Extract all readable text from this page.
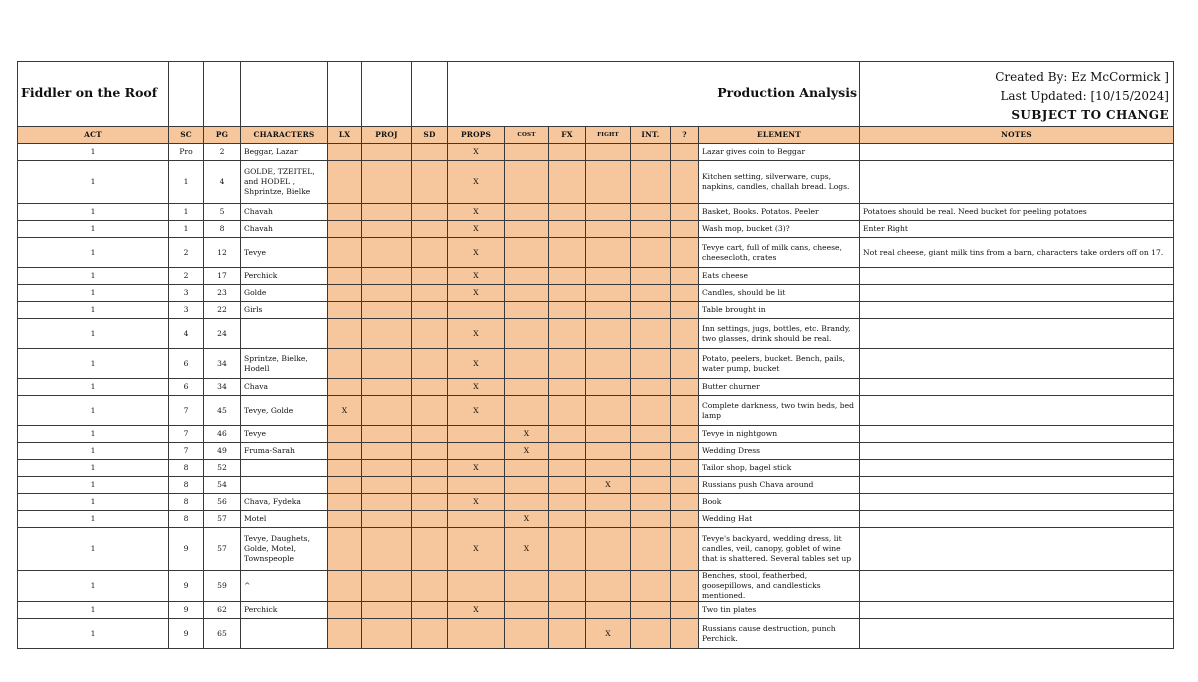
Fiddler on the Roof							Production Analysis							Created By: Ez McCormick ]
Last Updated: [10/15/2024]
SUBJECT TO CHANGE

ACT	SC	PG	CHARACTERS	LX	PROJ	SD	PROPS	COST	FX	FIGHT	INT.	?	ELEMENT	NOTES
1	Pro	2	Beggar, Lazar				X						Lazar gives coin to Beggar	
1	1	4	GOLDE, TZEITEL, and HODEL , Shprintze, Bielke				X						Kitchen setting, silverware, cups, napkins, candles, challah bread. Logs.	
1	1	5	Chavah				X						Basket, Books. Potatos. Peeler	Potatoes should be real. Need bucket for peeling potatoes
1	1	8	Chavah				X						Wash mop, bucket (3)?	Enter Right
1	2	12	Tevye				X						Tevye cart, full of milk cans, cheese, cheesecloth, crates	Not real cheese, giant milk tins from a barn, characters take orders off on 17.
1	2	17	Perchick				X						Eats cheese	
1	3	23	Golde				X						Candles, should be lit	
1	3	22	Girls										Table brought in	
1	4	24					X						Inn settings, jugs, bottles, etc. Brandy, two glasses, drink should be real.	
1	6	34	Sprintze, Bielke, Hodell				X						Potato, peelers, bucket. Bench, pails, water pump, bucket	
1	6	34	Chava				X						Butter churner	
1	7	45	Tevye, Golde	X			X						Complete darkness, two twin beds, bed lamp	
1	7	46	Tevye					X					Tevye in nightgown	
1	7	49	Fruma-Sarah					X					Wedding Dress	
1	8	52					X						Tailor shop, bagel stick	
1	8	54								X			Russians push Chava around	
1	8	56	Chava, Fydeka				X						Book	
1	8	57	Motel					X					Wedding Hat	
1	9	57	Tevye, Daughets, Golde, Motel, Townspeople				X	X					Tevye's backyard, wedding dress, lit candles, veil, canopy, goblet of wine that is shattered. Several tables set up	
1	9	59	^										Benches, stool, featherbed, goosepillows, and candlesticks mentioned.	
1	9	62	Perchick				X						Two tin plates	
1	9	65								X			Russians cause destruction, punch Perchick.	
